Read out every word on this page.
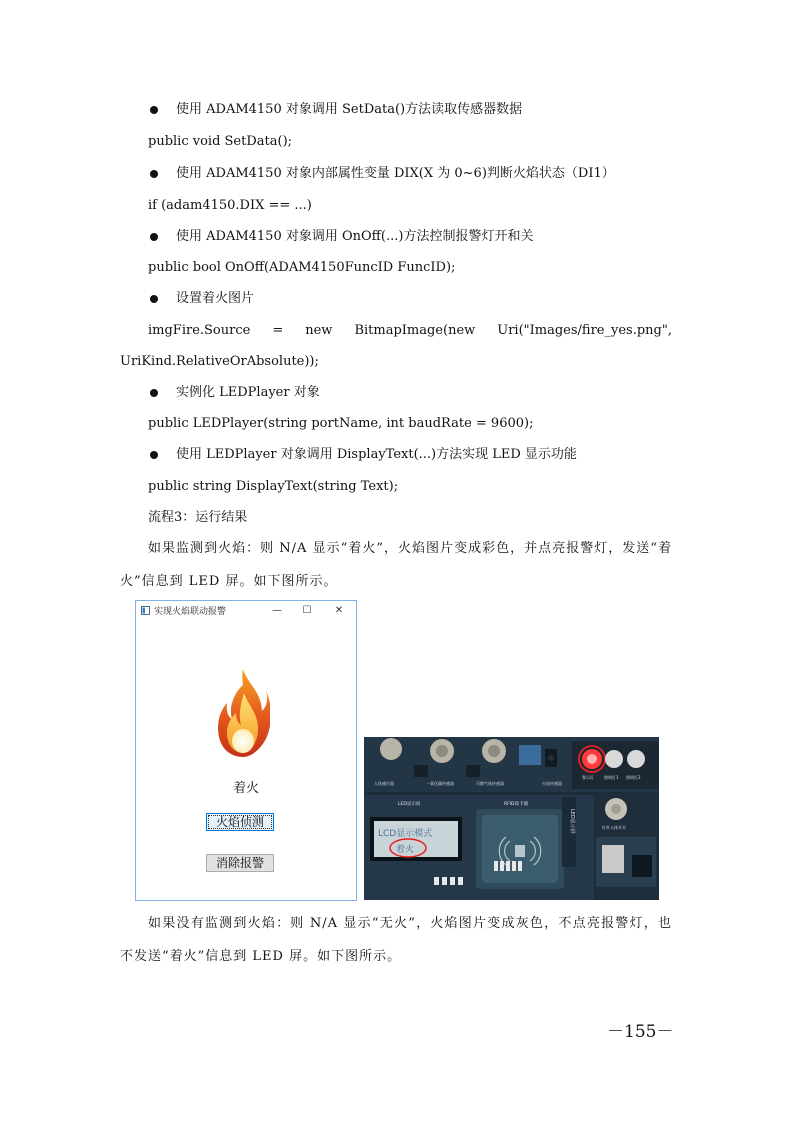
使用 ADAM4150 对象调用 SetData()方法读取传感器数据
public void SetData();
使用 ADAM4150 对象内部属性变量 DIX(X 为 0~6)判断火焰状态（DI1）
if (adam4150.DIX == ...)
使用 ADAM4150 对象调用 OnOff(...)方法控制报警灯开和关
public bool OnOff(ADAM4150FuncID FuncID);
设置着火图片
imgFire.Source = new BitmapImage(new Uri("Images/fire_yes.png",
UriKind.RelativeOrAbsolute));
实例化 LEDPlayer 对象
public LEDPlayer(string portName, int baudRate = 9600);
使用 LEDPlayer 对象调用 DisplayText(...)方法实现 LED 显示功能
public string DisplayText(string Text);
流程3：运行结果
如果监测到火焰：则 N/A 显示“着火”，火焰图片变成彩色，并点亮报警灯，发送“着火”信息到 LED 屏。如下图所示。
实现火焰联动报警	—	☐	✕
着火
火焰侦测
消除报警
人体感应器	一氧化碳传感器	可燃气体传感器	火焰传感器
警示灯	照明灯1 照明灯2
LED显示屏	RFID读卡器
LCD显示模式
着火
LED显示屏	红外人体开关
如果没有监测到火焰：则 N/A 显示“无火”，火焰图片变成灰色，不点亮报警灯，也不发送“着火”信息到 LED 屏。如下图所示。
－155－
